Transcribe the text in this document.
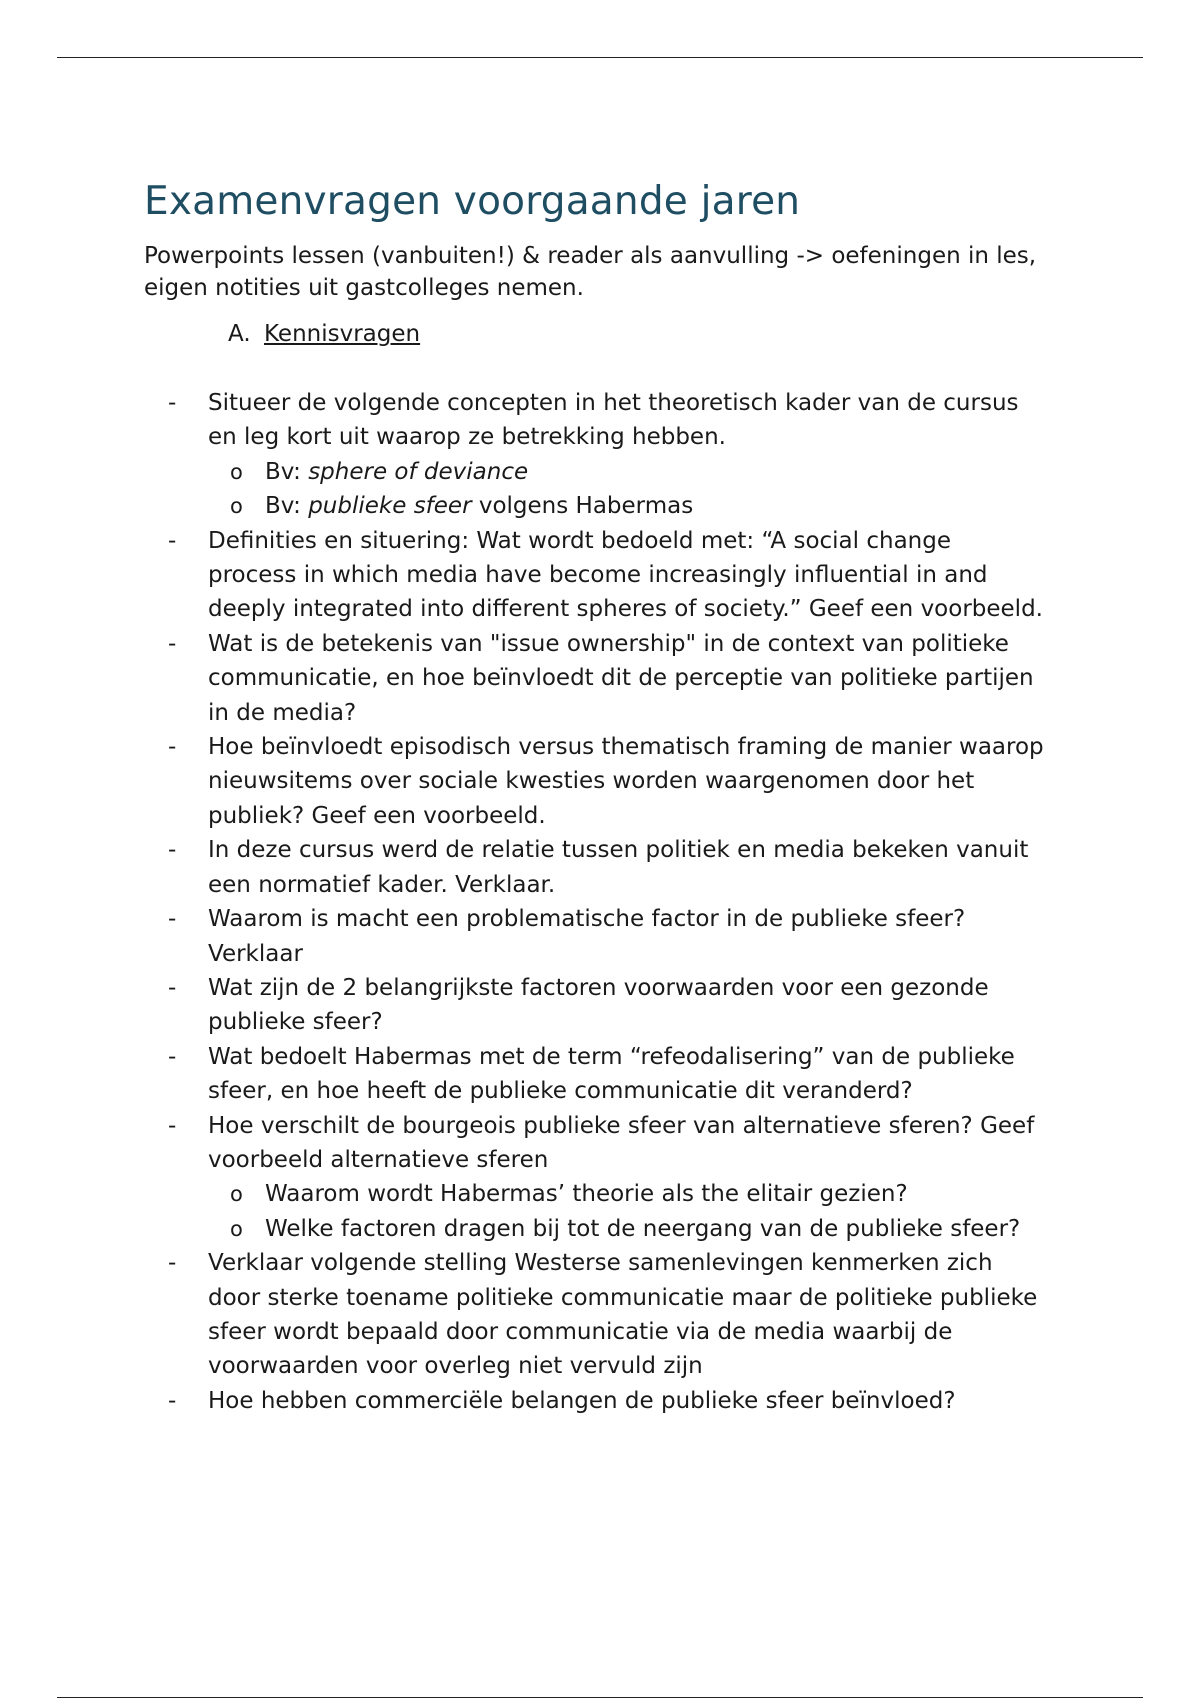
Examenvragen voorgaande jaren

Powerpoints lessen (vanbuiten!) & reader als aanvulling -> oefeningen in les, eigen notities uit gastcolleges nemen.

A. Kennisvragen
- Situeer de volgende concepten in het theoretisch kader van de cursus en leg kort uit waarop ze betrekking hebben.
o Bv: sphere of deviance
o Bv: publieke sfeer volgens Habermas
- Definities en situering: Wat wordt bedoeld met: “A social change process in which media have become increasingly influential in and deeply integrated into different spheres of society.” Geef een voorbeeld.
- Wat is de betekenis van "issue ownership" in de context van politieke communicatie, en hoe beïnvloedt dit de perceptie van politieke partijen in de media?
- Hoe beïnvloedt episodisch versus thematisch framing de manier waarop nieuwsitems over sociale kwesties worden waargenomen door het publiek? Geef een voorbeeld.
- In deze cursus werd de relatie tussen politiek en media bekeken vanuit een normatief kader. Verklaar.
- Waarom is macht een problematische factor in de publieke sfeer? Verklaar
- Wat zijn de 2 belangrijkste factoren voorwaarden voor een gezonde publieke sfeer?
- Wat bedoelt Habermas met de term “refeodalisering” van de publieke sfeer, en hoe heeft de publieke communicatie dit veranderd?
- Hoe verschilt de bourgeois publieke sfeer van alternatieve sferen? Geef voorbeeld alternatieve sferen
o Waarom wordt Habermas’ theorie als the elitair gezien?
o Welke factoren dragen bij tot de neergang van de publieke sfeer?
- Verklaar volgende stelling Westerse samenlevingen kenmerken zich door sterke toename politieke communicatie maar de politieke publieke sfeer wordt bepaald door communicatie via de media waarbij de voorwaarden voor overleg niet vervuld zijn
- Hoe hebben commerciële belangen de publieke sfeer beïnvloed?
